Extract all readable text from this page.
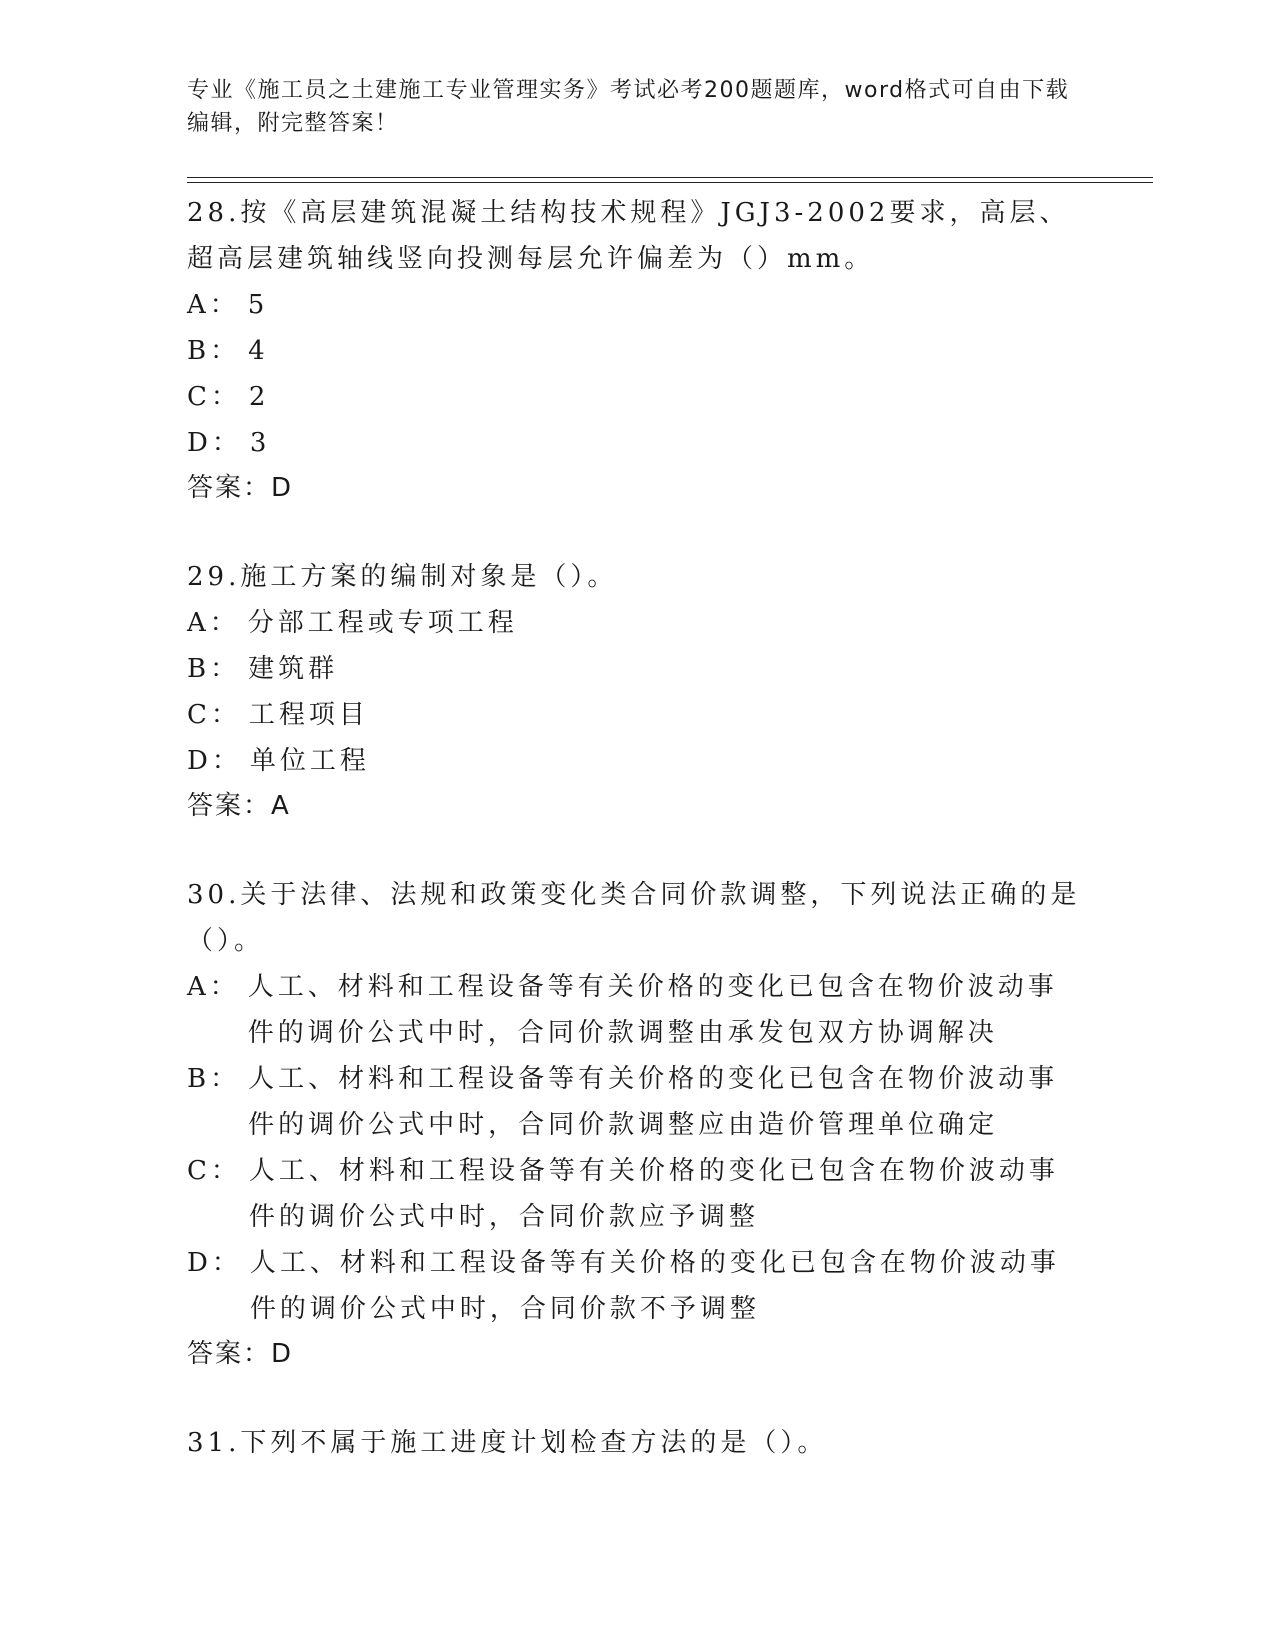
专业《施工员之土建施工专业管理实务》考试必考200题题库，word格式可自由下载编辑，附完整答案！
28.按《高层建筑混凝土结构技术规程》JGJ3-2002要求，高层、超高层建筑轴线竖向投测每层允许偏差为（）mm。
A ： 5
B ： 4
C ： 2
D ： 3
答案：D
29.施工方案的编制对象是（）。
A ： 分部工程或专项工程
B ： 建筑群
C ： 工程项目
D ： 单位工程
答案：A
30.关于法律、法规和政策变化类合同价款调整，下列说法正确的是（）。
A ： 人工、材料和工程设备等有关价格的变化已包含在物价波动事件的调价公式中时，合同价款调整由承发包双方协调解决
B ： 人工、材料和工程设备等有关价格的变化已包含在物价波动事件的调价公式中时，合同价款调整应由造价管理单位确定
C ： 人工、材料和工程设备等有关价格的变化已包含在物价波动事件的调价公式中时，合同价款应予调整
D ： 人工、材料和工程设备等有关价格的变化已包含在物价波动事件的调价公式中时，合同价款不予调整
答案：D
31.下列不属于施工进度计划检查方法的是（）。
